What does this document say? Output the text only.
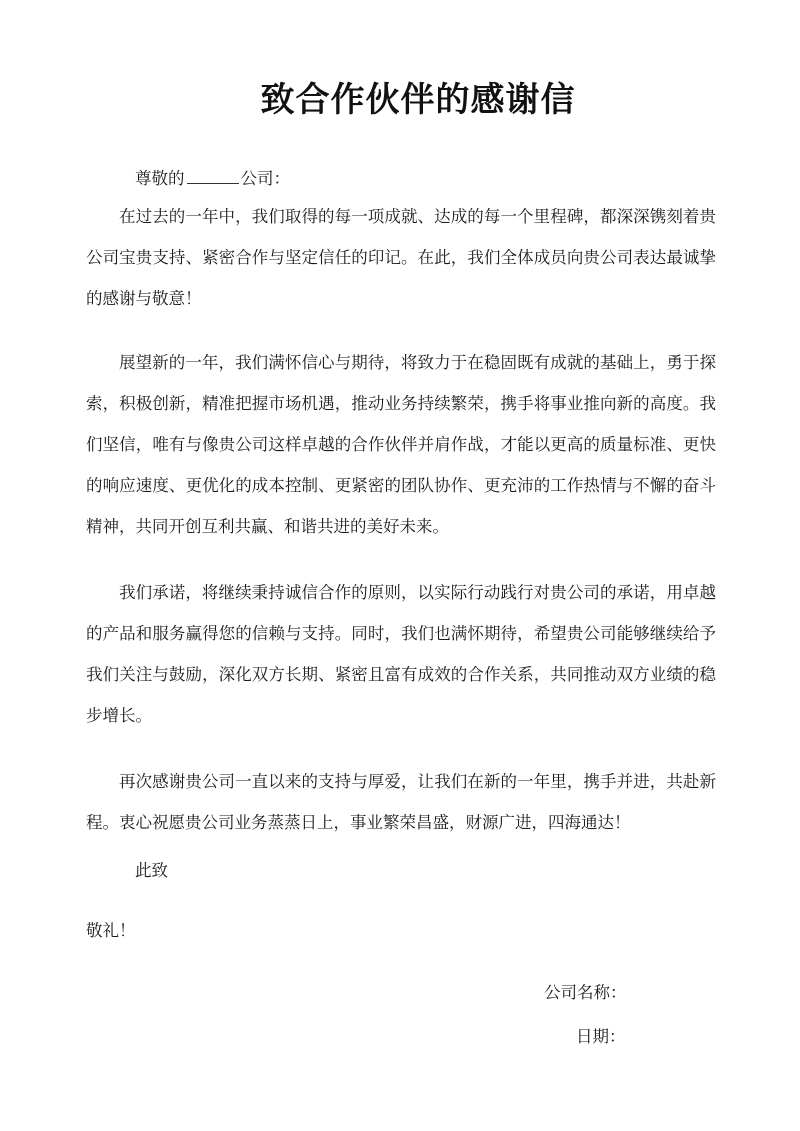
致合作伙伴的感谢信
尊敬的	公司：

在过去的一年中，我们取得的每一项成就、达成的每一个里程碑，都深深镌刻着贵公司宝贵支持、紧密合作与坚定信任的印记。在此，我们全体成员向贵公司表达最诚挚的感谢与敬意！

展望新的一年，我们满怀信心与期待，将致力于在稳固既有成就的基础上，勇于探索，积极创新，精准把握市场机遇，推动业务持续繁荣，携手将事业推向新的高度。我们坚信，唯有与像贵公司这样卓越的合作伙伴并肩作战，才能以更高的质量标准、更快的响应速度、更优化的成本控制、更紧密的团队协作、更充沛的工作热情与不懈的奋斗精神，共同开创互利共赢、和谐共进的美好未来。

我们承诺，将继续秉持诚信合作的原则，以实际行动践行对贵公司的承诺，用卓越的产品和服务赢得您的信赖与支持。同时，我们也满怀期待，希望贵公司能够继续给予我们关注与鼓励，深化双方长期、紧密且富有成效的合作关系，共同推动双方业绩的稳步增长。

再次感谢贵公司一直以来的支持与厚爱，让我们在新的一年里，携手并进，共赴新程。衷心祝愿贵公司业务蒸蒸日上，事业繁荣昌盛，财源广进，四海通达！

此致
敬礼！
公司名称：
日期：
